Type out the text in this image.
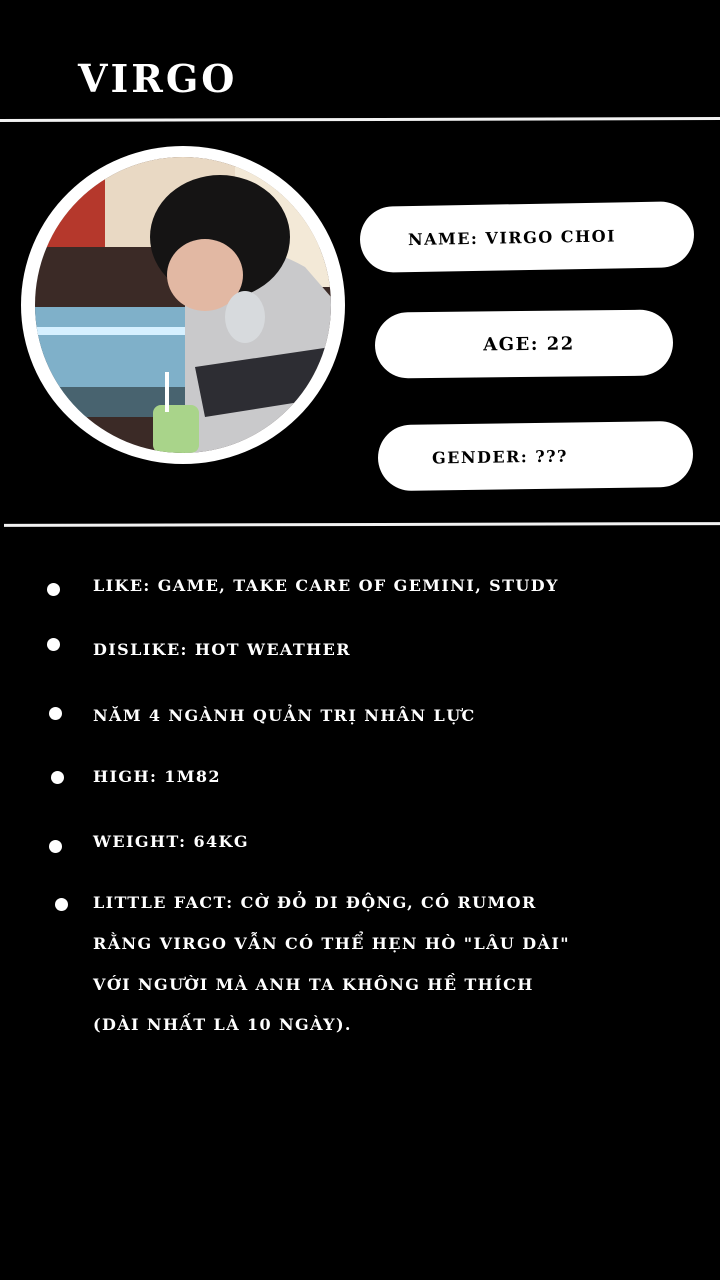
VIRGO
NAME: VIRGO CHOI
AGE: 22
GENDER: ???
LIKE: GAME, TAKE CARE OF GEMINI, STUDY
DISLIKE: HOT WEATHER
NĂM 4 NGÀNH QUẢN TRỊ NHÂN LỰC
HIGH: 1M82
WEIGHT: 64KG
LITTLE FACT: CỜ ĐỎ DI ĐỘNG, CÓ RUMOR
RẰNG VIRGO VẪN CÓ THỂ HẸN HÒ "LÂU DÀI"
VỚI NGƯỜI MÀ ANH TA KHÔNG HỀ THÍCH
(DÀI NHẤT LÀ 10 NGÀY).
